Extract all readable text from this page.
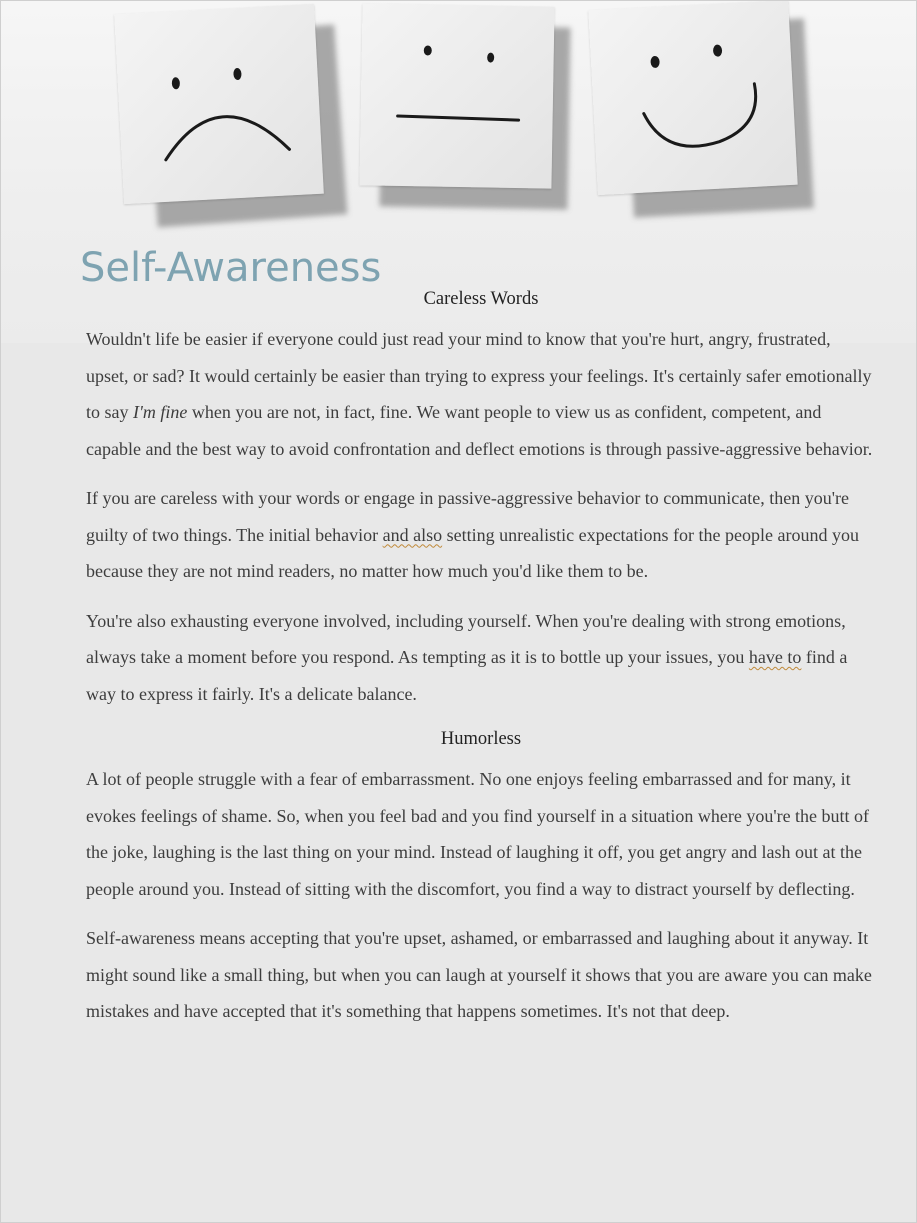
Self-Awareness
Careless Words

Wouldn't life be easier if everyone could just read your mind to know that you're hurt, angry, frustrated, upset, or sad? It would certainly be easier than trying to express your feelings. It's certainly safer emotionally to say I'm fine when you are not, in fact, fine. We want people to view us as confident, competent, and capable and the best way to avoid confrontation and deflect emotions is through passive-aggressive behavior.

If you are careless with your words or engage in passive-aggressive behavior to communicate, then you're guilty of two things. The initial behavior and also setting unrealistic expectations for the people around you because they are not mind readers, no matter how much you'd like them to be.

You're also exhausting everyone involved, including yourself. When you're dealing with strong emotions, always take a moment before you respond. As tempting as it is to bottle up your issues, you have to find a way to express it fairly. It's a delicate balance.

Humorless

A lot of people struggle with a fear of embarrassment. No one enjoys feeling embarrassed and for many, it evokes feelings of shame. So, when you feel bad and you find yourself in a situation where you're the butt of the joke, laughing is the last thing on your mind. Instead of laughing it off, you get angry and lash out at the people around you. Instead of sitting with the discomfort, you find a way to distract yourself by deflecting.

Self-awareness means accepting that you're upset, ashamed, or embarrassed and laughing about it anyway. It might sound like a small thing, but when you can laugh at yourself it shows that you are aware you can make mistakes and have accepted that it's something that happens sometimes. It's not that deep.
